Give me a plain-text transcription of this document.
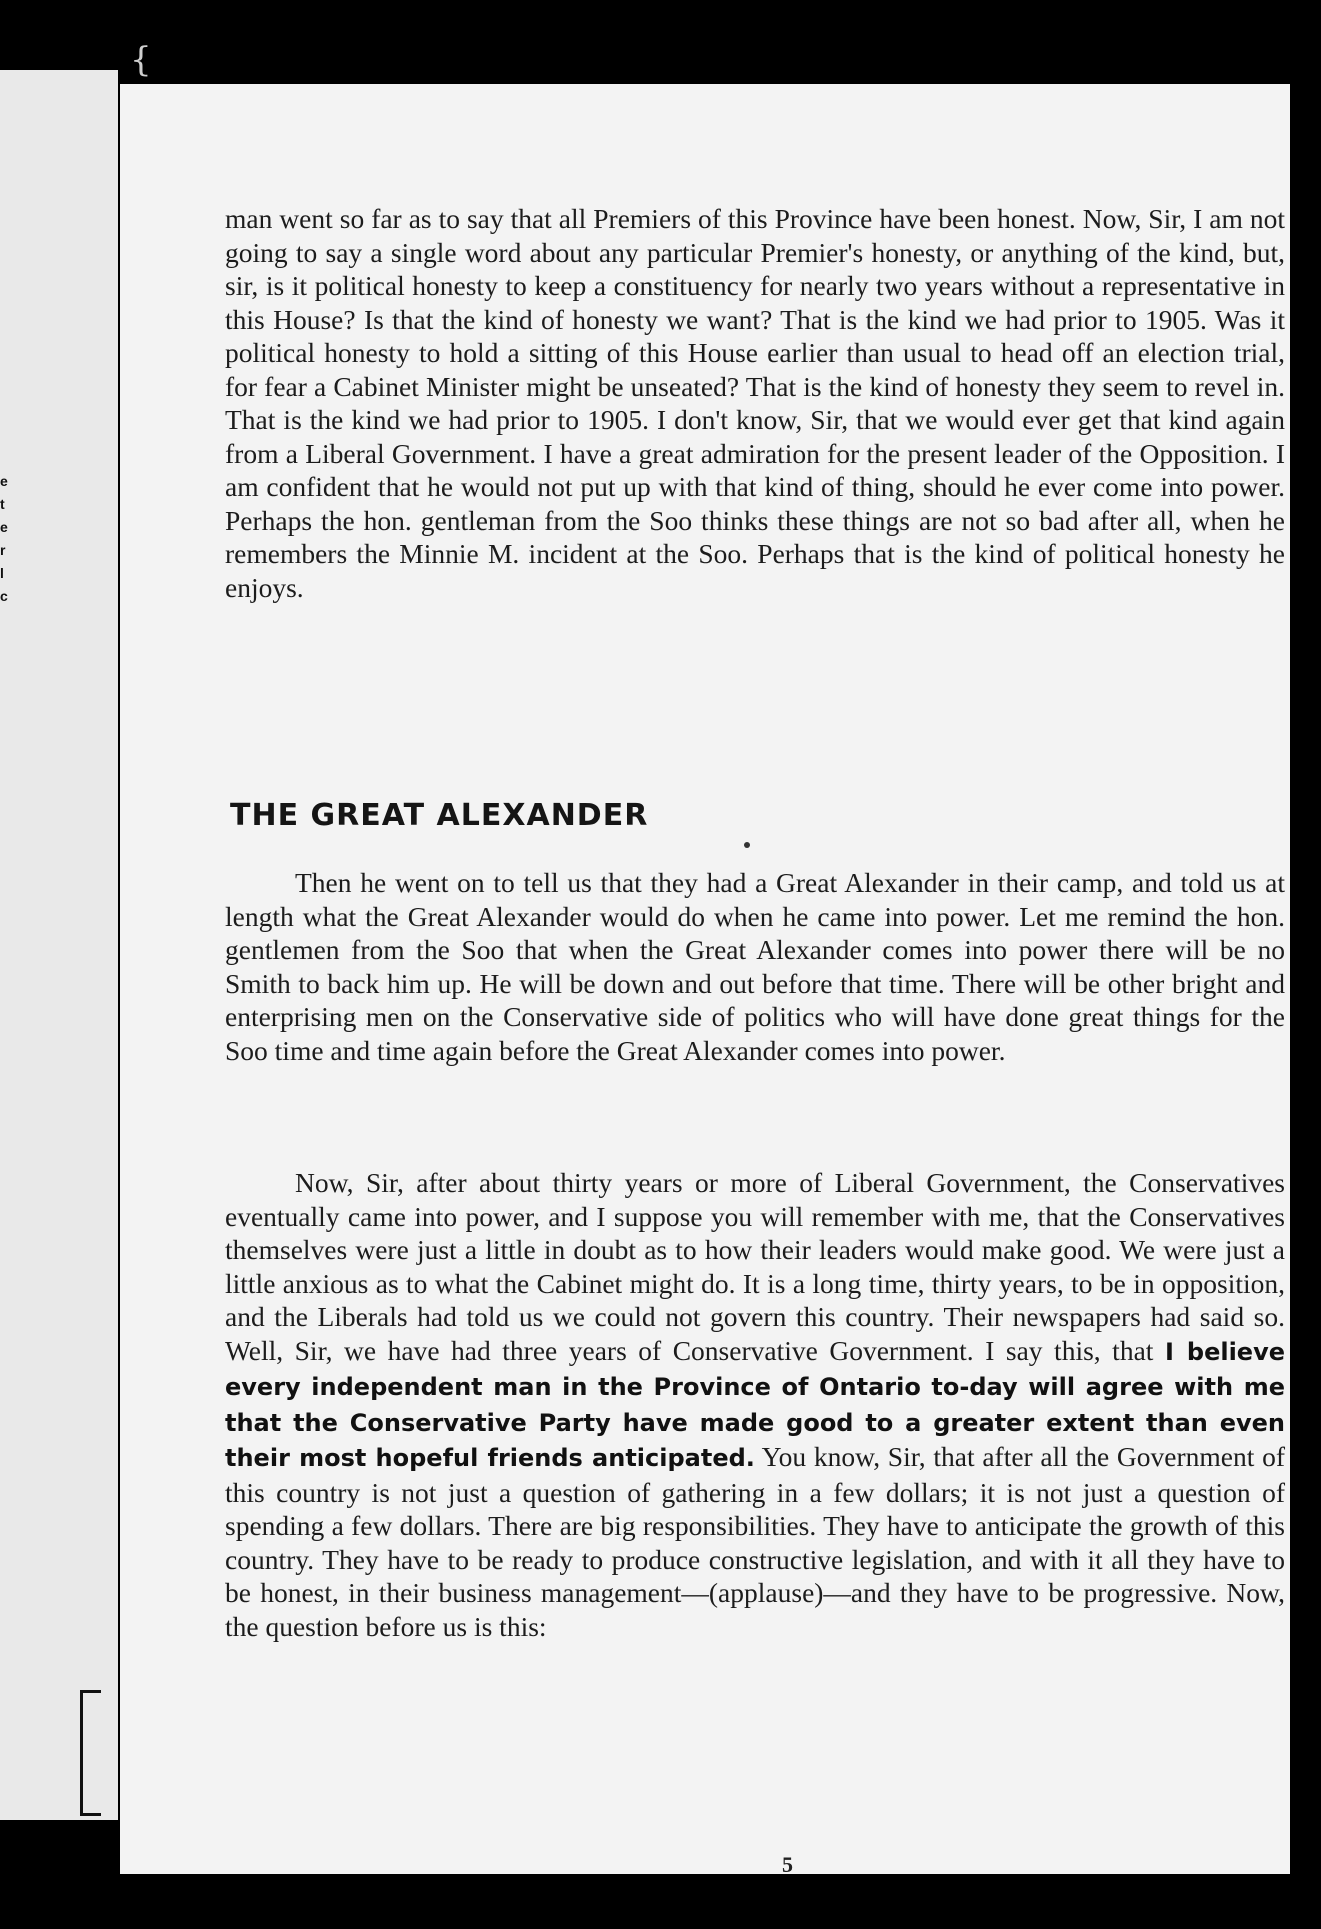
e
t
e
r
l
c
{

man went so far as to say that all Premiers of this Province have been honest. Now, Sir, I am not going to say a single word about any particular Premier's honesty, or anything of the kind, but, sir, is it political honesty to keep a constituency for nearly two years without a representative in this House? Is that the kind of honesty we want? That is the kind we had prior to 1905. Was it political honesty to hold a sitting of this House earlier than usual to head off an election trial, for fear a Cabinet Minister might be unseated? That is the kind of honesty they seem to revel in. That is the kind we had prior to 1905. I don't know, Sir, that we would ever get that kind again from a Liberal Government. I have a great admiration for the present leader of the Opposition. I am confident that he would not put up with that kind of thing, should he ever come into power. Perhaps the hon. gentleman from the Soo thinks these things are not so bad after all, when he remembers the Minnie M. incident at the Soo. Perhaps that is the kind of political honesty he enjoys.

THE GREAT ALEXANDER

Then he went on to tell us that they had a Great Alexander in their camp, and told us at length what the Great Alexander would do when he came into power. Let me remind the hon. gentlemen from the Soo that when the Great Alexander comes into power there will be no Smith to back him up. He will be down and out before that time. There will be other bright and enterprising men on the Conservative side of politics who will have done great things for the Soo time and time again before the Great Alexander comes into power.

Now, Sir, after about thirty years or more of Liberal Government, the Conservatives eventually came into power, and I suppose you will remember with me, that the Conservatives themselves were just a little in doubt as to how their leaders would make good. We were just a little anxious as to what the Cabinet might do. It is a long time, thirty years, to be in opposition, and the Liberals had told us we could not govern this country. Their newspapers had said so. Well, Sir, we have had three years of Conservative Government. I say this, that I believe every independent man in the Province of Ontario to-day will agree with me that the Conservative Party have made good to a greater extent than even their most hopeful friends anticipated. You know, Sir, that after all the Government of this country is not just a question of gathering in a few dollars; it is not just a question of spending a few dollars. There are big responsibilities. They have to anticipate the growth of this country. They have to be ready to produce constructive legislation, and with it all they have to be honest, in their business management—(applause)—and they have to be progressive. Now, the question before us is this:

5
